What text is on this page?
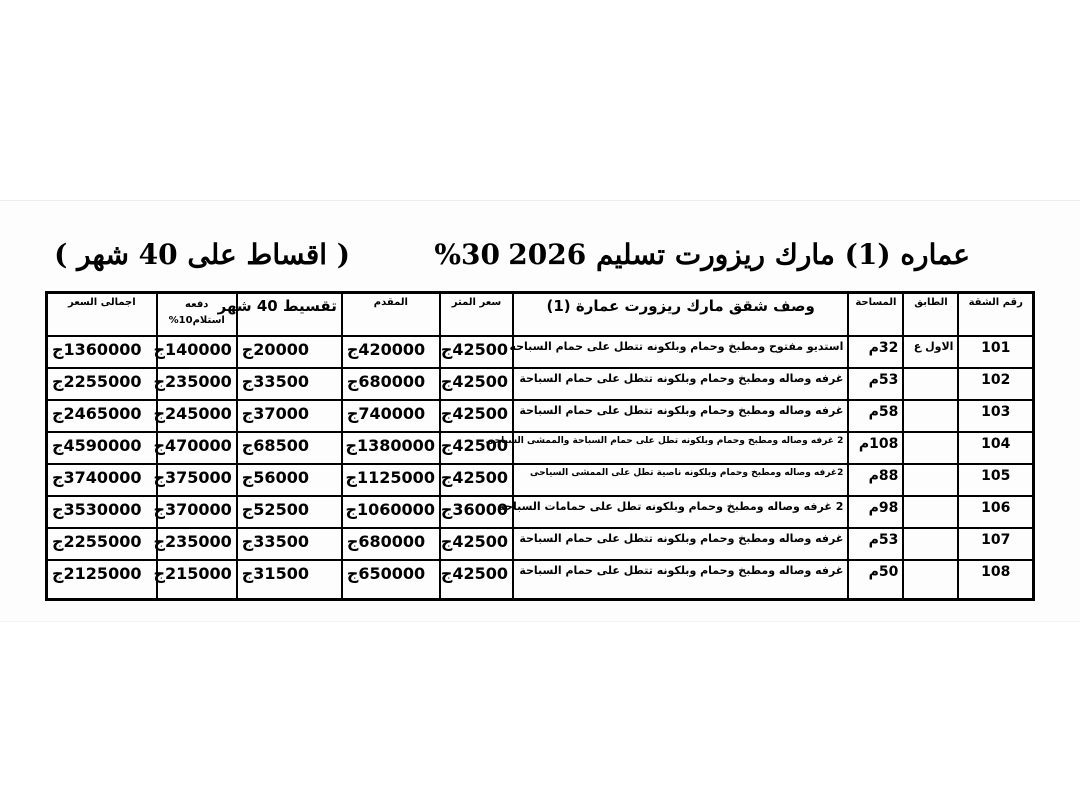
عماره (1) مارك ريزورت تسليم 2026
%30
( اقساط على 40 شهر )
رقم الشقة	الطابق	المساحة	وصف شقق مارك ريزورت عمارة (1)	سعر المتر	المقدم	تقسيط 40 شهر	دفعه استلام10%	اجمالى السعر
101	الاول ع	32م	استديو مفتوح ومطبخ وحمام وبلكونه تتطل على حمام السباحه	42500ج	420000ج	20000ج	140000ج	1360000ج
102		53م	غرفه وصاله ومطبخ وحمام وبلكونه تتطل على حمام السباحة	42500ج	680000ج	33500ج	235000ج	2255000ج
103		58م	غرفه وصاله ومطبخ وحمام وبلكونه تتطل على حمام السباحة	42500ج	740000ج	37000ج	245000ج	2465000ج
104		108م	2 غرفه وصاله ومطبخ وحمام وبلكونه تطل على حمام السباحة والممشى السياحى	42500ج	1380000ج	68500ج	470000ج	4590000ج
105		88م	2غرفه وصاله ومطبخ وحمام وبلكونه ناصية تطل على الممشى السياحى	42500ج	1125000ج	56000ج	375000ج	3740000ج
106		98م	2 غرفه وصاله ومطبخ وحمام وبلكونه تطل على حمامات السباحة	36000ج	1060000ج	52500ج	370000ج	3530000ج
107		53م	غرفه وصاله ومطبخ وحمام وبلكونه تتطل على حمام السباحة	42500ج	680000ج	33500ج	235000ج	2255000ج
108		50م	غرفه وصاله ومطبخ وحمام وبلكونه تتطل على حمام السباحة	42500ج	650000ج	31500ج	215000ج	2125000ج
